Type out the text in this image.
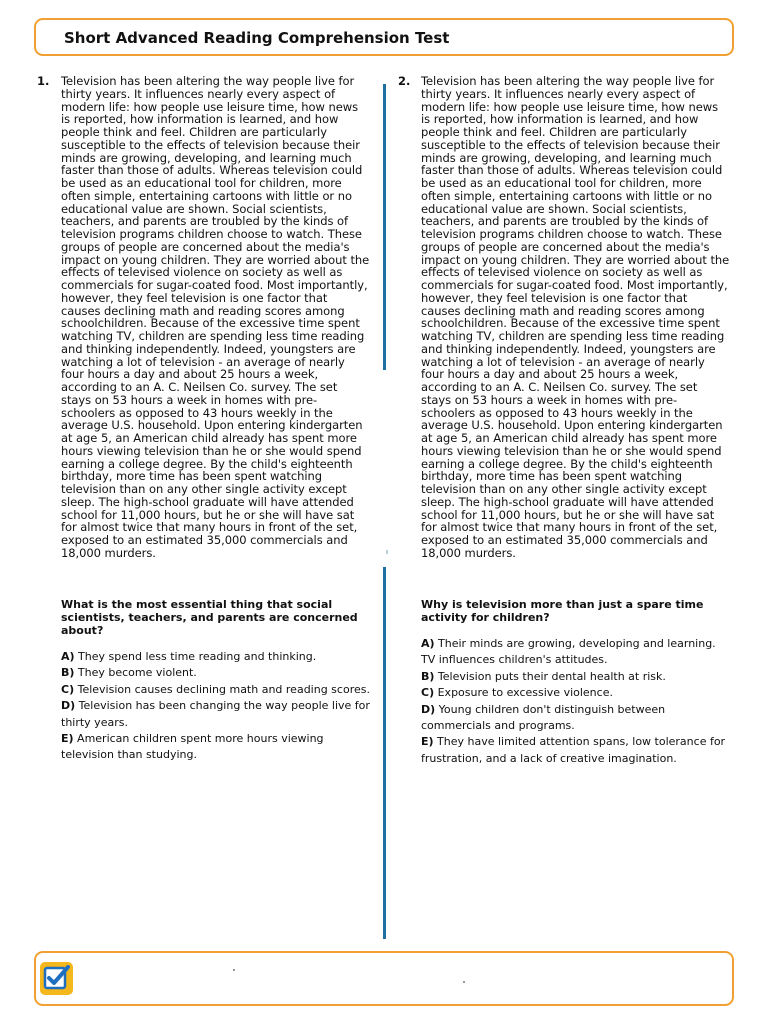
Short Advanced Reading Comprehension Test
1. Television has been altering the way people live for
thirty years. It influences nearly every aspect of
modern life: how people use leisure time, how news
is reported, how information is learned, and how
people think and feel. Children are particularly
susceptible to the effects of television because their
minds are growing, developing, and learning much
faster than those of adults. Whereas television could
be used as an educational tool for children, more
often simple, entertaining cartoons with little or no
educational value are shown. Social scientists,
teachers, and parents are troubled by the kinds of
television programs children choose to watch. These
groups of people are concerned about the media's
impact on young children. They are worried about the
effects of televised violence on society as well as
commercials for sugar-coated food. Most importantly,
however, they feel television is one factor that
causes declining math and reading scores among
schoolchildren. Because of the excessive time spent
watching TV, children are spending less time reading
and thinking independently. Indeed, youngsters are
watching a lot of television - an average of nearly
four hours a day and about 25 hours a week,
according to an A. C. Neilsen Co. survey. The set
stays on 53 hours a week in homes with pre-
schoolers as opposed to 43 hours weekly in the
average U.S. household. Upon entering kindergarten
at age 5, an American child already has spent more
hours viewing television than he or she would spend
earning a college degree. By the child's eighteenth
birthday, more time has been spent watching
television than on any other single activity except
sleep. The high-school graduate will have attended
school for 11,000 hours, but he or she will have sat
for almost twice that many hours in front of the set,
exposed to an estimated 35,000 commercials and
18,000 murders.
What is the most essential thing that social
scientists, teachers, and parents are concerned
about?
A) They spend less time reading and thinking.
B) They become violent.
C) Television causes declining math and reading scores.
D) Television has been changing the way people live for thirty years.
E) American children spent more hours viewing television than studying.
2. Television has been altering the way people live for
thirty years. It influences nearly every aspect of
modern life: how people use leisure time, how news
is reported, how information is learned, and how
people think and feel. Children are particularly
susceptible to the effects of television because their
minds are growing, developing, and learning much
faster than those of adults. Whereas television could
be used as an educational tool for children, more
often simple, entertaining cartoons with little or no
educational value are shown. Social scientists,
teachers, and parents are troubled by the kinds of
television programs children choose to watch. These
groups of people are concerned about the media's
impact on young children. They are worried about the
effects of televised violence on society as well as
commercials for sugar-coated food. Most importantly,
however, they feel television is one factor that
causes declining math and reading scores among
schoolchildren. Because of the excessive time spent
watching TV, children are spending less time reading
and thinking independently. Indeed, youngsters are
watching a lot of television - an average of nearly
four hours a day and about 25 hours a week,
according to an A. C. Neilsen Co. survey. The set
stays on 53 hours a week in homes with pre-
schoolers as opposed to 43 hours weekly in the
average U.S. household. Upon entering kindergarten
at age 5, an American child already has spent more
hours viewing television than he or she would spend
earning a college degree. By the child's eighteenth
birthday, more time has been spent watching
television than on any other single activity except
sleep. The high-school graduate will have attended
school for 11,000 hours, but he or she will have sat
for almost twice that many hours in front of the set,
exposed to an estimated 35,000 commercials and
18,000 murders.
Why is television more than just a spare time
activity for children?
A) Their minds are growing, developing and learning. TV influences children's attitudes.
B) Television puts their dental health at risk.
C) Exposure to excessive violence.
D) Young children don't distinguish between commercials and programs.
E) They have limited attention spans, low tolerance for frustration, and a lack of creative imagination.
